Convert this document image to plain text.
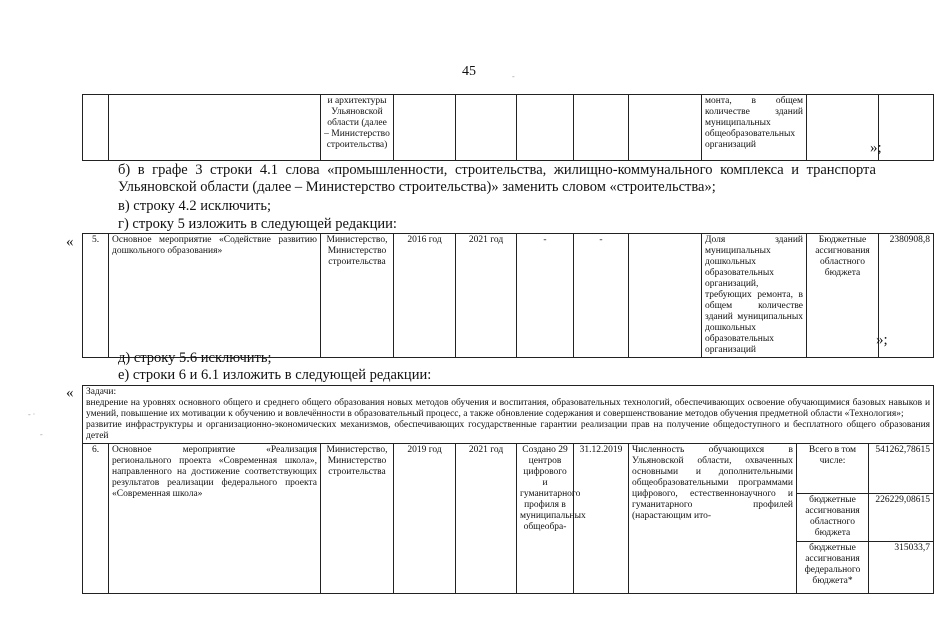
45	-
		и архитектуры Ульяновской области (далее – Министерство строительства)						монта, в общем количестве зданий муниципальных общеобразовательных организаций			»;
б) в графе 3 строки 4.1 слова «промышленности, строительства, жилищно-коммунального комплекса и транспорта Ульяновской области (далее – Министерство строительства)» заменить словом «строительства»;
в) строку 4.2 исключить;
г) строку 5 изложить в следующей редакции:
« 5.	Основное мероприятие «Содействие развитию дошкольного образования»	Министерство, Министерство строительства	2016 год	2021 год	-	-		Доля зданий муниципальных дошкольных образовательных организаций, требующих ремонта, в общем количестве зданий муниципальных дошкольных образовательных организаций	Бюджетные ассигнования областного бюджета	2380908,8
»;
д) строку 5.6 исключить;
е) строки 6 и 6.1 изложить в следующей редакции:
«
- ·
-
Задачи:
внедрение на уровнях основного общего и среднего общего образования новых методов обучения и воспитания, образовательных технологий, обеспечивающих освоение обучающимися базовых навыков и умений, повышение их мотивации к обучению и вовлечённости в образовательный процесс, а также обновление содержания и совершенствование методов обучения предметной области «Технология»;
развитие инфраструктуры и организационно-экономических механизмов, обеспечивающих государственные гарантии реализации прав на получение общедоступного и бесплатного общего образования детей									

6.	Основное мероприятие «Реализация регионального проекта «Современная школа», направленного на достижение соответствующих результатов реализации федерального проекта «Современная школа»	Министерство, Министерство строительства	2019 год	2021 год	Создано 29 центров цифрового и гуманитарного профиля в муниципальных общеобра-	31.12.2019	Численность обучающихся в Ульяновской области, охваченных основными и дополнительными общеобразовательными программами цифрового, естественнонаучного и гуманитарного профилей (нарастающим ито-	Всего в том числе:	541262,78615
								бюджетные ассигнования областного бюджета	226229,08615
								бюджетные ассигнования федерального бюджета*	315033,7
